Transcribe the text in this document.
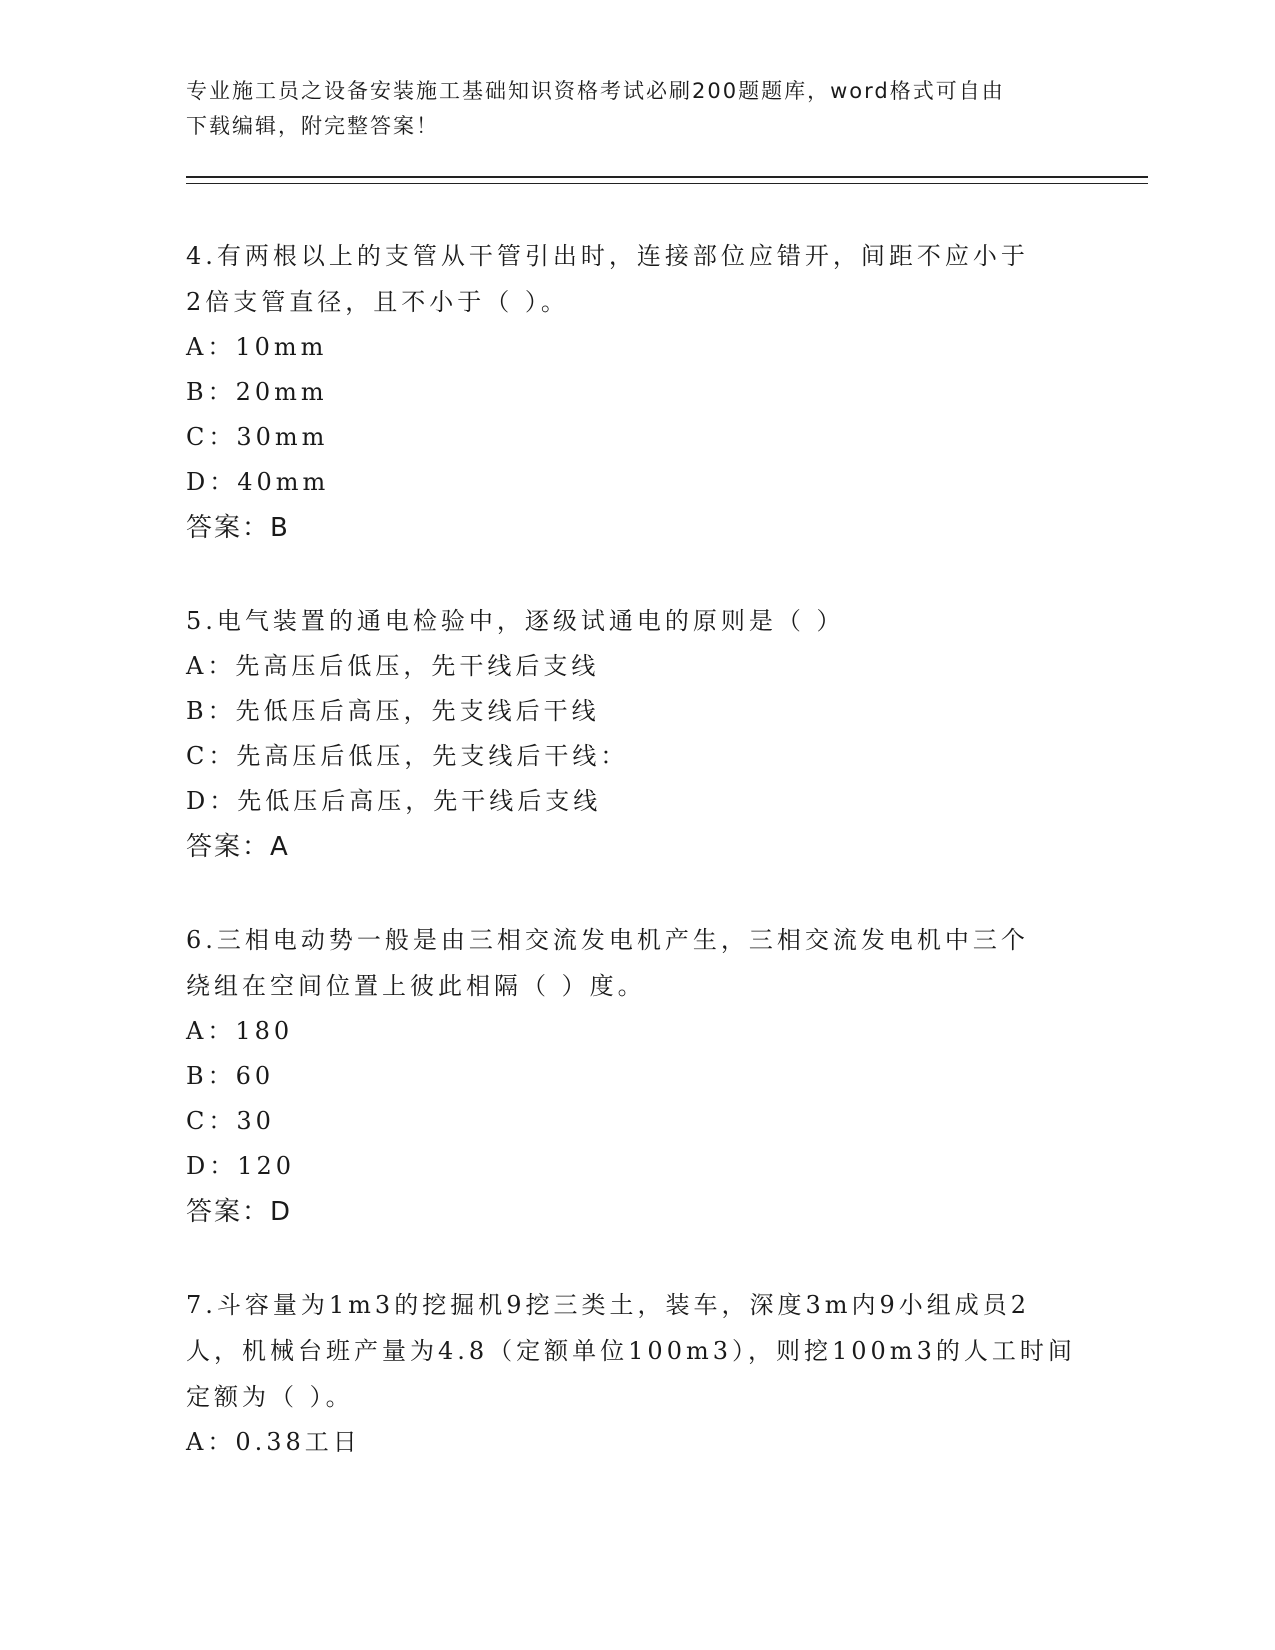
专业施工员之设备安装施工基础知识资格考试必刷200题题库，word格式可自由
下载编辑，附完整答案！
4.有两根以上的支管从干管引出时，连接部位应错开，间距不应小于
2倍支管直径，且不小于（ ）。
A：10mm
B：20mm
C：30mm
D：40mm
答案：B
5.电气装置的通电检验中，逐级试通电的原则是（ ）
A：先高压后低压，先干线后支线
B：先低压后高压，先支线后干线
C：先高压后低压，先支线后干线：
D：先低压后高压，先干线后支线
答案：A
6.三相电动势一般是由三相交流发电机产生，三相交流发电机中三个
绕组在空间位置上彼此相隔（ ）度。
A：180
B：60
C：30
D：120
答案：D
7.斗容量为1m3的挖掘机9挖三类土，装车，深度3m内9小组成员2
人，机械台班产量为4.8（定额单位100m3），则挖100m3的人工时间
定额为（ ）。
A：0.38工日
